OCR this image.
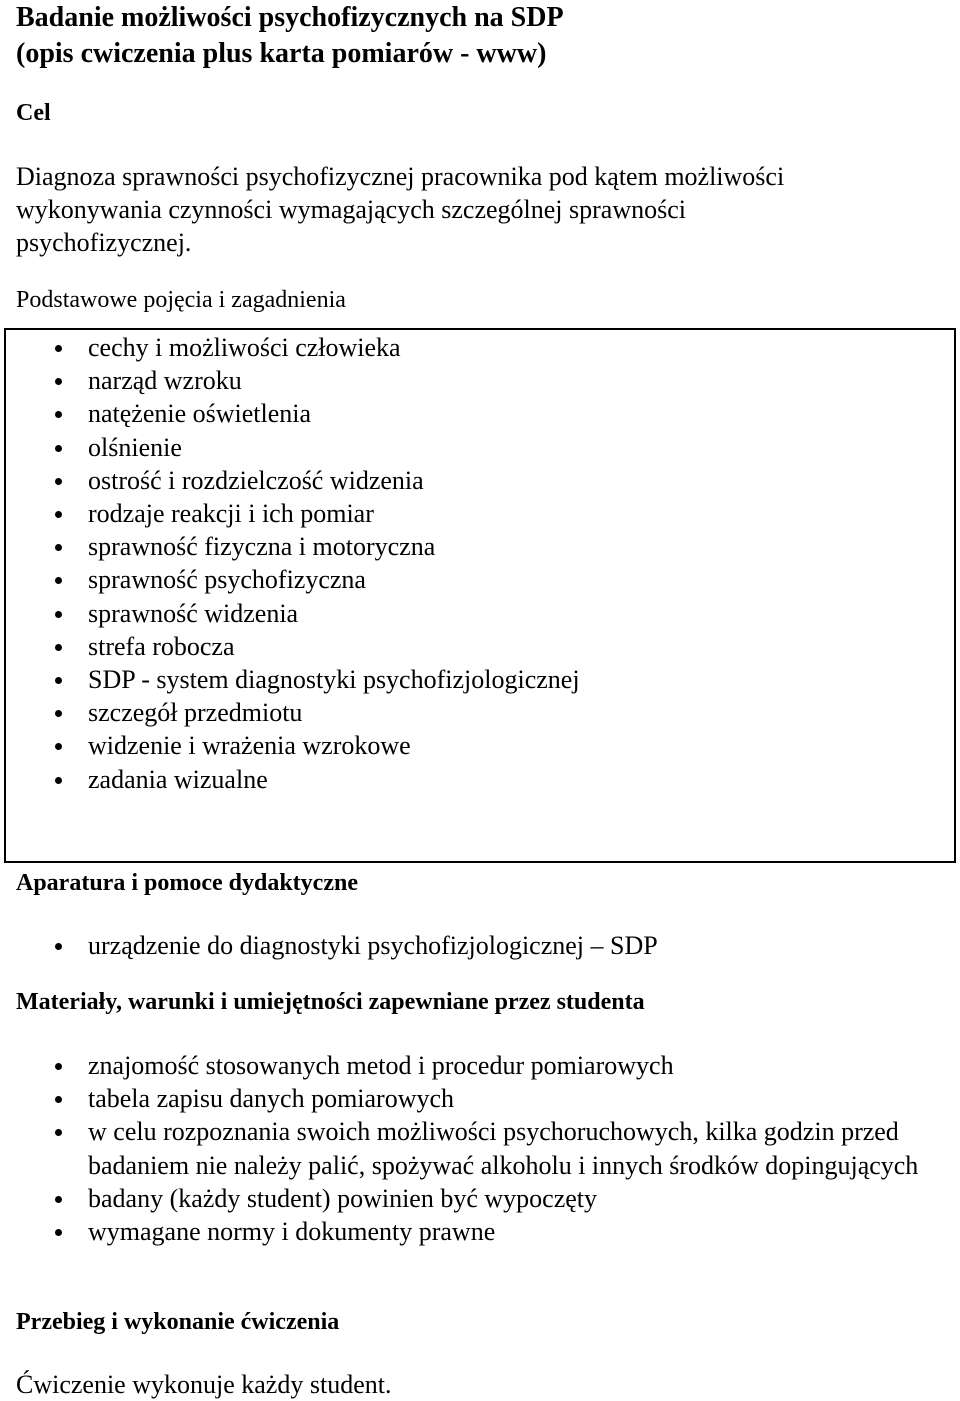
Badanie możliwości psychofizycznych na SDP
(opis cwiczenia plus karta pomiarów - www)
Cel

Diagnoza sprawności psychofizycznej pracownika pod kątem możliwości
wykonywania czynności wymagających szczególnej sprawności
psychofizycznej.

Podstawowe pojęcia i zagadnienia
cechy i możliwości człowieka
narząd wzroku
natężenie oświetlenia
olśnienie
ostrość i rozdzielczość widzenia
rodzaje reakcji i ich pomiar
sprawność fizyczna i motoryczna
sprawność psychofizyczna
sprawność widzenia
strefa robocza
SDP - system diagnostyki psychofizjologicznej
szczegół przedmiotu
widzenie i wrażenia wzrokowe
zadania wizualne
Aparatura i pomoce dydaktyczne
urządzenie do diagnostyki psychofizjologicznej – SDP
Materiały, warunki i umiejętności zapewniane przez studenta
znajomość stosowanych metod i procedur pomiarowych
tabela zapisu danych pomiarowych
w celu rozpoznania swoich możliwości psychoruchowych, kilka godzin przed badaniem nie należy palić, spożywać alkoholu i innych środków dopingujących
badany (każdy student) powinien być wypoczęty
wymagane normy i dokumenty prawne
Przebieg i wykonanie ćwiczenia

Ćwiczenie wykonuje każdy student.
